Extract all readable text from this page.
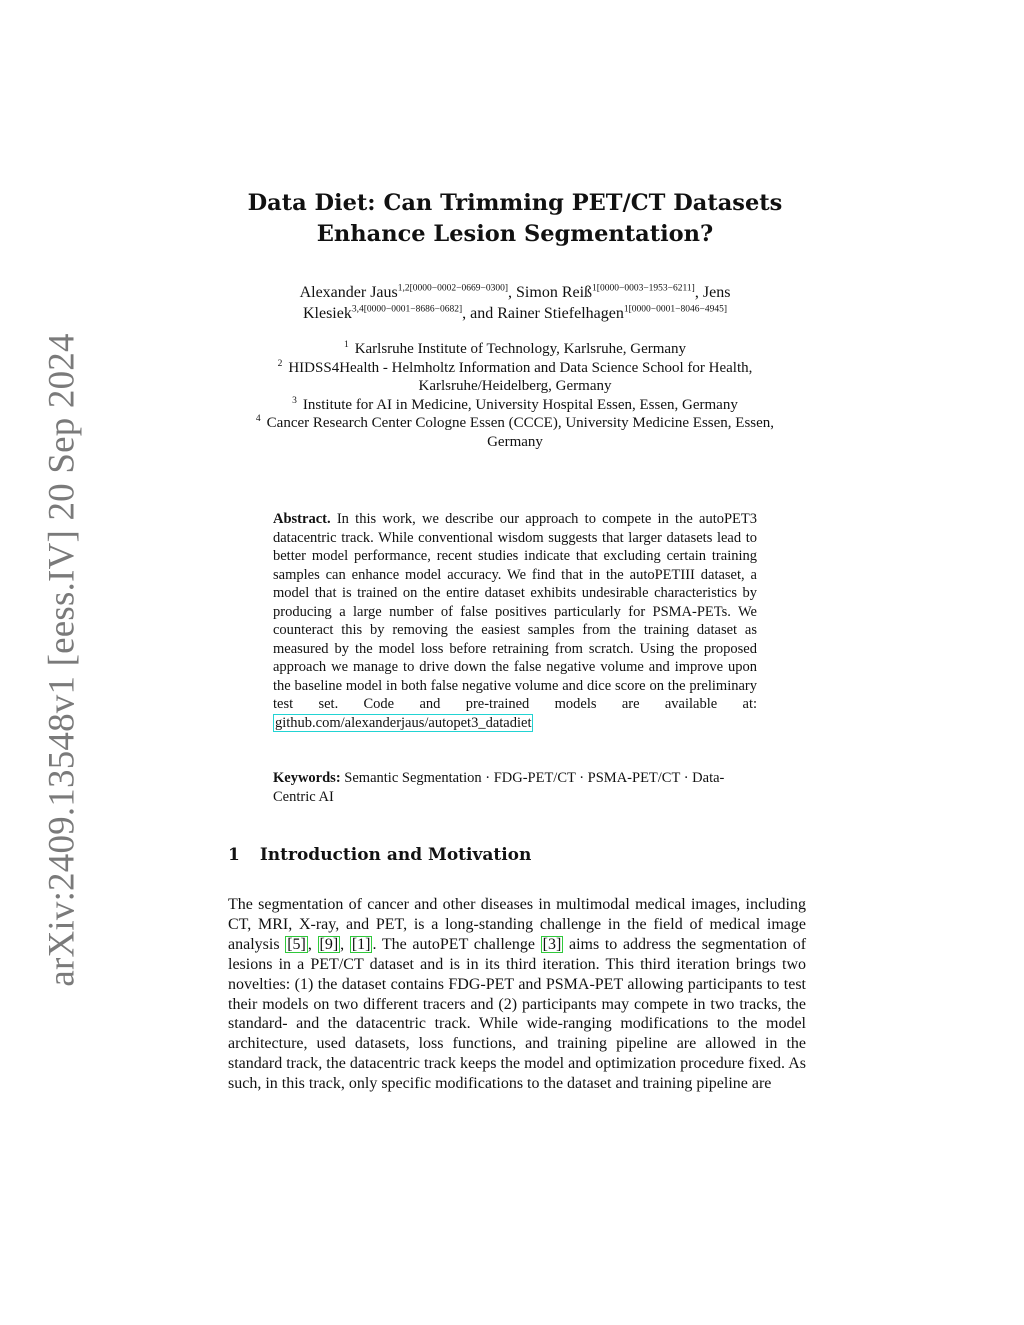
arXiv:2409.13548v1 [eess.IV] 20 Sep 2024
Data Diet: Can Trimming PET/CT Datasets
Enhance Lesion Segmentation?
Alexander Jaus$^{1,2[0000-0002-0669-0300]}$, Simon Reiß$^{1[0000-0003-1953-6211]}$, Jens
Klesiek$^{3,4[0000-0001-8686-0682]}$, and Rainer Stiefelhagen$^{1[0000-0001-8046-4945]}$
$^1$ Karlsruhe Institute of Technology, Karlsruhe, Germany
$^2$ HIDSS4Health - Helmholtz Information and Data Science School for Health,
Karlsruhe/Heidelberg, Germany
$^3$ Institute for AI in Medicine, University Hospital Essen, Essen, Germany
$^4$ Cancer Research Center Cologne Essen (CCCE), University Medicine Essen, Essen,
Germany
Abstract. In this work, we describe our approach to compete in the autoPET3 datacentric track. While conventional wisdom suggests that larger datasets lead to better model performance, recent studies indicate that excluding certain training samples can enhance model accuracy. We find that in the autoPETIII dataset, a model that is trained on the entire dataset exhibits undesirable characteristics by producing a large number of false positives particularly for PSMA-PETs. We counteract this by removing the easiest samples from the training dataset as measured by the model loss before retraining from scratch. Using the proposed approach we manage to drive down the false negative volume and improve upon the baseline model in both false negative volume and dice score on the preliminary test set. Code and pre-trained models are available at: github.com/alexanderjaus/autopet3_datadiet
Keywords: Semantic Segmentation · FDG-PET/CT · PSMA-PET/CT · Data-Centric AI
1 Introduction and Motivation
The segmentation of cancer and other diseases in multimodal medical images, including CT, MRI, X-ray, and PET, is a long-standing challenge in the field of medical image analysis [5] , [9] , [1] . The autoPET challenge [3] aims to address the segmentation of lesions in a PET/CT dataset and is in its third iteration. This third iteration brings two novelties: (1) the dataset contains FDG-PET and PSMA-PET allowing participants to test their models on two different tracers and (2) participants may compete in two tracks, the standard- and the datacentric track. While wide-ranging modifications to the model architecture, used datasets, loss functions, and training pipeline are allowed in the standard track, the datacentric track keeps the model and optimization procedure fixed. As such, in this track, only specific modifications to the dataset and training pipeline are
